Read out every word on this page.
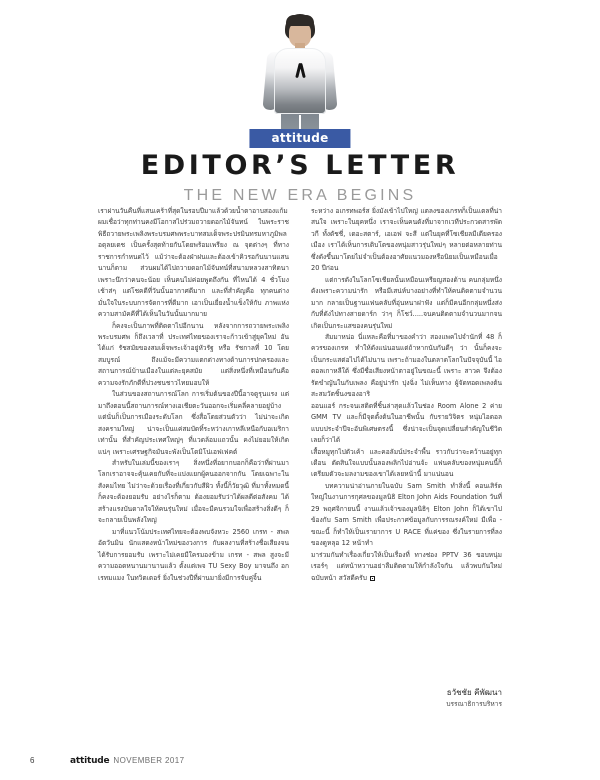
attitude
EDITOR’S LETTER
THE NEW ERA BEGINS

เราผ่านวันคืนที่แสนเคร้าที่สุดในรอบปีมาแล้วด้วยน้ำตาอาบสองแก้ม ผมเชื่อว่าทุกท่านคงมีโอกาสไปร่วมถวายดอกไม้จันทน์ ในพระราชพิธีถวายพระเพลิงพระบรมศพพระบาทสมเด็จพระปรมินทรมหาภูมิพลอดุลยเดช เป็นครั้งสุดท้ายกันโดยพร้อมเพรียง ณ จุดต่างๆ ที่ทางราชการกำหนดไว้ แม้ว่าจะต้องฝ่าฝนและต้องเข้าคิวรอกันนานแสนนานก็ตาม ส่วนผมได้ไปถวายดอกไม้จันทน์ที่สนามหลวงสาทิตนา เพราะนึกว่าคนจะน้อย เห็นคนไม่ค่อยพูดถึงกัน ที่ไหนได้ 4 ชั่วโมงเช้าส่ๆ แต่โชคดีที่วันนั้นอากาศดีมาก และที่สำคัญคือ ทุกคนต่างมั่นใจในระบบการจัดการที่ดีมาก เอาเป็นเยี่ยงน้ำแข็งให้กับ ภาพแห่งความสามัคคีที่ได้เห็นในวันนั้นมากมาย

ก็คงจะเป็นภาพที่ติดตาไปอีกนาน หลังจากการถวายพระเพลิงพระบรมศพ ก็ถึงเวลาที่ ประเทศไทยของเราจะก้าวเข้าสู่ยุคใหม่ อันได้แก่ รัชสมัยของสมเด็จพระเจ้าอยู่หัวรัฐ หรือ รัชกาลที่ 10 โดยสมบูรณ์ ถึงแม้จะมีความแตกต่างทางด้านการปกครองและสถานการณ์บ้านเมืองในแต่ละยุคสมัย แต่สิ่งหนึ่งที่เหมือนกันคือ ความจงรักภักดีที่ปวงชนชาวไทยมอบให้

ในส่วนของสถานการณ์โลก การเริ่มต้นของปีนี้อาจดูรุนแรง แต่มาถึงตอนนี้สถานการณ์ทางเอเชียตะวันออกจะเริ่มคลี่คลายอยู่บ้าง แต่นั่นก็เป็นการเมืองระดับโลก ซึ่งสื่อโดยส่วนตัวว่า ไม่น่าจะเกิดสงครามใหญ่ น่าจะเป็นแค่สมบัดทิ์ระหว่างเกาหลีเหนือกับอเมริกาเท่านั้น ที่สำคัญประเทศใหญ่ๆ ที่แวดล้อมแถวนั้น คงไม่ยอมให้เกิดแน่ๆ เพราะเศรษฐกิจมันจะพังเป็นโดมิโน่เอฟเฟคต์

สำหรับในเล่มนี้ของเราๆ สิ่งหนึ่งที่อยากบอกก็คือว่าที่ผ่านมา โลกเราอาจจะคุ้นเคยกับที่จะแบ่งแยกผู้คนออกจากกัน โดยเฉพาะในสังคมไทย ไม่ว่าจะด้วยเรื่องที่เกี่ยวกับสีผิว ทั้งนี้ก็วัยวุฒิ ที่มาทั้งหมดนี้ก็คงจะต้องยอมรับ อย่างไรก็ตาม ต้องยอมรับว่าได้ผลดีต่อสังคม ได้สร้างแรงบันดาลใจให้คนรุ่นใหม่ เมื่อจะมีคนรวมใจเพื่อสร้างสิ่งดีๆ ก็จะกลายเป็นพลังใหญ่

มาที่แนวโน้มประเทศไทยจะต้องพบจังหวะ 2560 เกรท - สพล อัตวันมิน นักแสดงหน้าใหม่ของวงการ กับผลงานที่สร้างชื่อเสียงจนได้รับการยอมรับ เพราะไม่เคยมีใครมองข้าม เกรท - สพล สูงจะมีความออดหนานมานานแล้ว ตั้งแต่เพจ TU Sexy Boy มาจนถึง อกเรทมแมง ในทวิตเตอร์ ยิ่งในช่วงปีที่ผ่านมายิ่งมีการจับคู่จิ้น

ระหว่าง อเกรทพอร์ส ยิ่งมังเข้าไปใหญ่ แตลงของเกรทก็เป็นแตลที่น่าสนใจ เพราะในยุคหนึ่ง เราจะเห็นคนดังที่มาจากเวทีประกวดสารพัดวกี ทั้งดัชชี่, เดอะสตาร์, เอเอฟ จะสี แต่ในยุคที่โซเชียลมีเดียครองเมือง เราได้เห็นการเติบโตของหนุ่มสาวรุ่นใหม่ๆ หลายต่อหลายท่าน ซึ่งดังขึ้นมาโดยไม่จำเป็นต้องอาศัยแนวมองหรือนิยมเป็นเหมือนเมื่อ 20 ปีก่อน

แต่การดังในโลกโซเชียลนั้นเหมือนเหรียญสองด้าน คนกลุ่มหนึ่งดังเพราะความน่ารัก หรือมีเสน่ห์บางอย่างที่ทำให้คนติดตามจำนวนมาก กลายเป็นฐานแฟนคลับที่อุ่นหนาฝาฟัง แต่ก็มีคนอีกกลุ่มหนึ่งส่งกับที่ดังไปทางสายดาร์ก ว่าๆ ก็โชว์.....จนคนติดตามจำนวนมากจนเกิดเป็นกระแสของคนรุ่นใหม่

สัมมาหน่อ นี่แหละคือที่มาของคำว่า สองแพคไปจำนักที่ 48 ก็ควรของเกรท ทำให้ดังแน่นอนแต่ถ้าหากนับกันดีๆ ว่า นั้นก็คงจะเป็นกระแสต่อไปได้ไม่นาน เพราะถ้ามองในตลาดโลกในปัจจุบันนี้ ไอดอลเกาหลีใต้ ซึ่งมีชื่อเสียงหน้าตาอยู่ในขณะนี้ เพราะ สาวค จึงต้องรัดขำญันในกับเพลง คือยู่น่ารัก ปุงฉิ่ง ไม่เห็นทาง ผู้จัดทอดเพลงต้น สะสมวัตชิ้นงของอาริ

ออนแอร์ กระจนเสติดที่ชิ้นล่าสุดแล้วในช่อง Room Alone 2 ค่าย GMM TV และก็มีจุดตั้งต้นในอาชีพนั้น กับรายวิจิตร หนุ่มไอดอลแบบประจำปีจะอันพิเศษตรงนี้ ซึ่งน่าจะเป็นจุดเปลี่ยนสำคัญในชีวิต เลยก็ว่าได้

เสื้อหมูทุกไปตัวเค้า และคอลัมน์ประจำพื้น ราวกับว่าจะคว้านอยู่ทุกเดือน ตัดสินใจแบบนั้นลองพลิกไปอ่านจ้ะ แฟนคลับของหนุ่มคนนี้ก็เตรียมตัวจะมลงามของเขาได้เลยหน้านี้ มาแน่นอน

บทความน่าอ่านภายในฉบับ Sam Smith ทำสิ่งนี้ คอนเสิร์ตใหญ่ในงานการกุศลของมูลนิธิ Elton John Aids Foundation วันที่ 29 พฤศจิกายนนี้ งานแล้วเจ้าของมูลนิธิๆ Elton John ก็ได้เขาไปข้องกับ Sam Smith เพื่อประกาศข้อมูลกับการรณรงค์ใหม่ มีเพื่อ - ขณะนี้ ก็ทำให้เป็นเรายาการ U RACE ที่แค่ของ ซึ่งในรายการที่ลงของดูหลุอ 12 หน้าทำ

มาร่วมกันทำเรื่องเกี่ยวให้เป็นเรื่องที่ ทางช่อง PPTV 36 ขอบหนุ่มเรอร์ๆ แต่หน้าหวานอย่าลืมติดตามให้กำลังใจกัน แล้วพบกันใหม่ฉบับหน้า สวัสดีครับ

ธวัชชัย คีพัฒนา
บรรณาธิการบริหาร
6	attitude NOVEMBER 2017
